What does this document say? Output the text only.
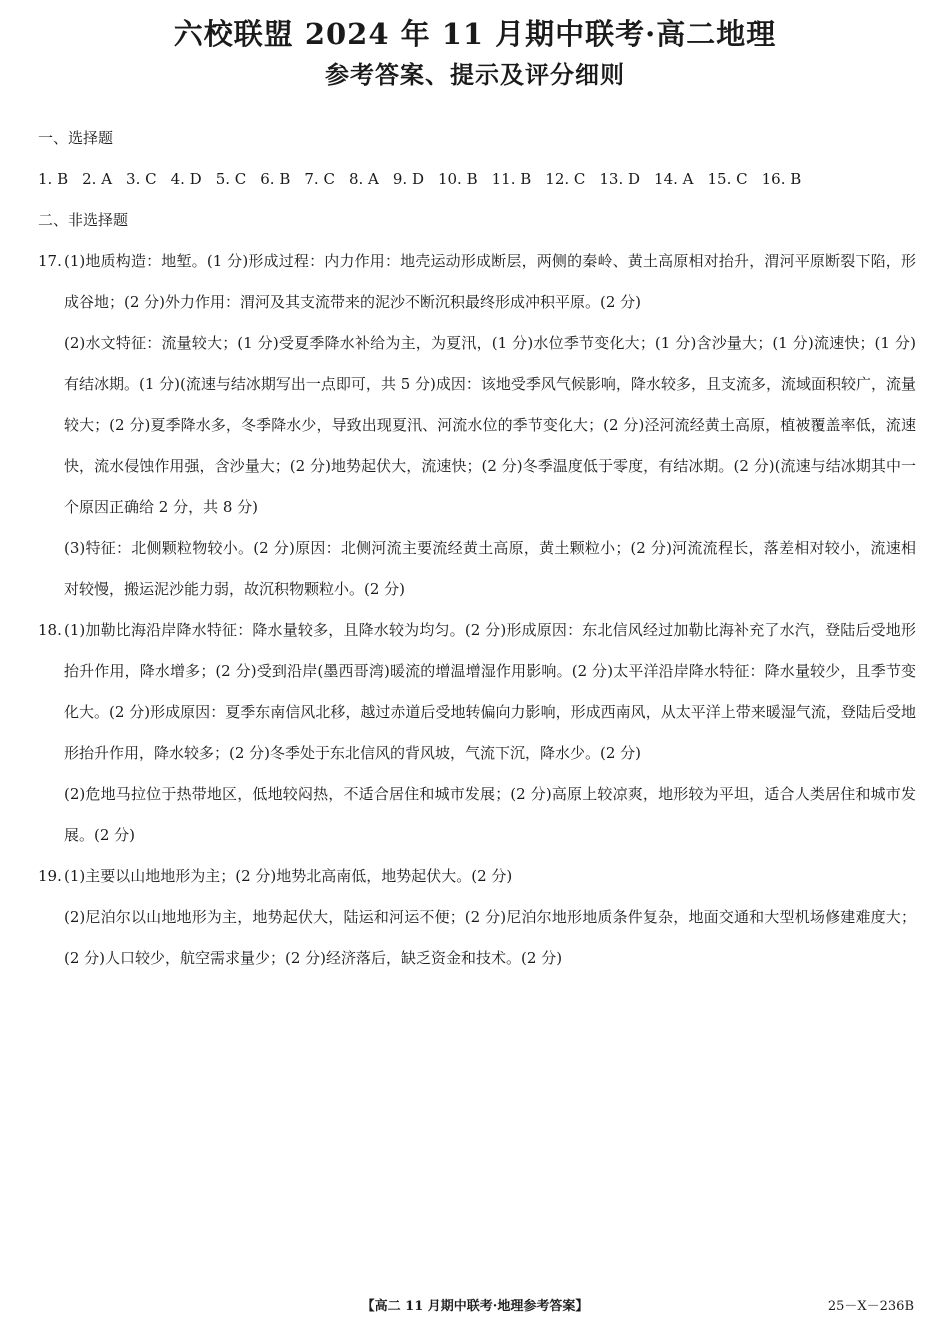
六校联盟 2024 年 11 月期中联考·高二地理
参考答案、提示及评分细则

一、选择题

1. B 2. A 3. C 4. D 5. C 6. B 7. C 8. A 9. D 10. B 11. B 12. C 13. D 14. A 15. C 16. B

二、非选择题

17. (1)地质构造：地堑。(1 分)形成过程：内力作用：地壳运动形成断层，两侧的秦岭、黄土高原相对抬升，渭河平原断裂下陷，形成谷地；(2 分)外力作用：渭河及其支流带来的泥沙不断沉积最终形成冲积平原。(2 分)

(2)水文特征：流量较大；(1 分)受夏季降水补给为主，为夏汛，(1 分)水位季节变化大；(1 分)含沙量大；(1 分)流速快；(1 分)有结冰期。(1 分)(流速与结冰期写出一点即可，共 5 分)成因：该地受季风气候影响，降水较多，且支流多，流域面积较广，流量较大；(2 分)夏季降水多，冬季降水少，导致出现夏汛、河流水位的季节变化大；(2 分)泾河流经黄土高原，植被覆盖率低，流速快，流水侵蚀作用强，含沙量大；(2 分)地势起伏大，流速快；(2 分)冬季温度低于零度，有结冰期。(2 分)(流速与结冰期其中一个原因正确给 2 分，共 8 分)

(3)特征：北侧颗粒物较小。(2 分)原因：北侧河流主要流经黄土高原，黄土颗粒小；(2 分)河流流程长，落差相对较小，流速相对较慢，搬运泥沙能力弱，故沉积物颗粒小。(2 分)

18. (1)加勒比海沿岸降水特征：降水量较多，且降水较为均匀。(2 分)形成原因：东北信风经过加勒比海补充了水汽，登陆后受地形抬升作用，降水增多；(2 分)受到沿岸(墨西哥湾)暖流的增温增湿作用影响。(2 分)太平洋沿岸降水特征：降水量较少，且季节变化大。(2 分)形成原因：夏季东南信风北移，越过赤道后受地转偏向力影响，形成西南风，从太平洋上带来暖湿气流，登陆后受地形抬升作用，降水较多；(2 分)冬季处于东北信风的背风坡，气流下沉，降水少。(2 分)

(2)危地马拉位于热带地区，低地较闷热，不适合居住和城市发展；(2 分)高原上较凉爽，地形较为平坦，适合人类居住和城市发展。(2 分)

19. (1)主要以山地地形为主；(2 分)地势北高南低，地势起伏大。(2 分)

(2)尼泊尔以山地地形为主，地势起伏大，陆运和河运不便；(2 分)尼泊尔地形地质条件复杂，地面交通和大型机场修建难度大；(2 分)人口较少，航空需求量少；(2 分)经济落后，缺乏资金和技术。(2 分)

【高二 11 月期中联考·地理参考答案】	25－X－236B
